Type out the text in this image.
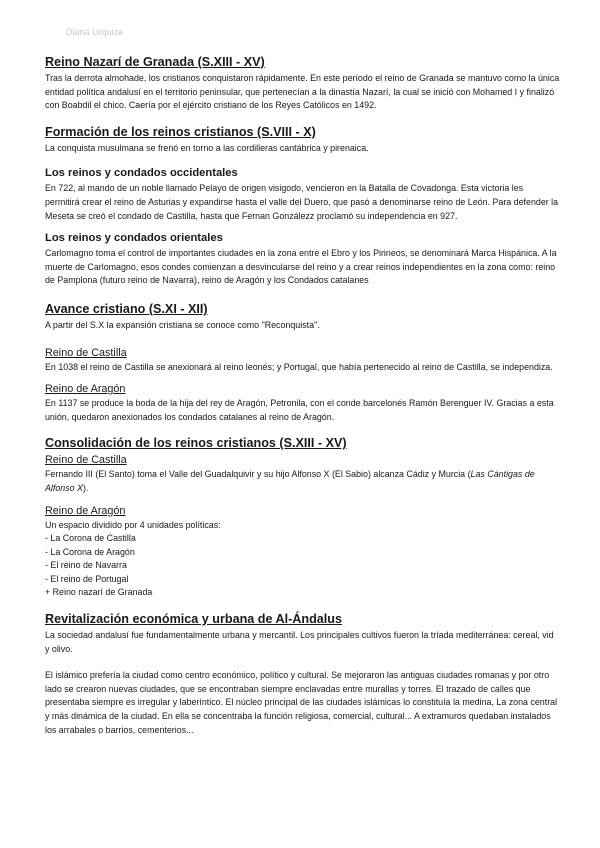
Diana Urquiza
Reino Nazarí de Granada (S.XIII - XV)

Tras la derrota almohade, los cristianos conquistaron rápidamente. En este período el reino de Granada se mantuvo como la única entidad política andalusí en el territorio peninsular, que pertenecían a la dinastía Nazarí, la cual se inició con Mohamed I y finalizó con Boabdil el chico. Caería por el ejército cristiano de los Reyes Católicos en 1492.

Formación de los reinos cristianos (S.VIII - X)

La conquista musulmana se frenó en torno a las cordilleras cantábrica y pirenaica.

Los reinos y condados occidentales

En 722, al mando de un noble llamado Pelayo de origen visigodo, vencieron en la Batalla de Covadonga. Esta victoria les permitirá crear el reino de Asturias y expandirse hasta el valle del Duero, que pasó a denominarse reino de León. Para defender la Meseta se creó el condado de Castilla, hasta que Fernan Gonzálezz proclamó su independencia en 927.

Los reinos y condados orientales

Carlomagno toma el control de importantes ciudades en la zona entre el Ebro y los Pirineos, se denominará Marca Hispánica. A la muerte de Carlomagno, esos condes comienzan a desvincularse del reino y a crear reinos independientes en la zona como: reino de Pamplona (futuro reino de Navarra), reino de Aragón y los Condados catalanes

Avance cristiano (S.XI - XII)

A partir del S.X la expansión cristiana se conoce como "Reconquista".

Reino de Castilla

En 1038 el reino de Castilla se anexionará al reino leonés; y Portugal, que había pertenecido al reino de Castilla, se independiza.

Reino de Aragón

En 1137 se produce la boda de la hija del rey de Aragón, Petronila, con el conde barcelonés Ramón Berenguer IV. Gracias a esta unión, quedaron anexionados los condados catalanes al reino de Aragón.

Consolidación de los reinos cristianos (S.XIII - XV)
Reino de Castilla

Fernando III (El Santo) toma el Valle del Guadalquivir y su hijo Alfonso X (El Sabio) alcanza Cádiz y Murcia (Las Cántigas de Alfonso X).

Reino de Aragón
Un espacio dividido por 4 unidades políticas:
- La Corona de Castilla
- La Corona de Aragón
- El reino de Navarra
- El reino de Portugal
+ Reino nazarí de Granada
Revitalización económica y urbana de Al-Ándalus

La sociedad andalusí fue fundamentalmente urbana y mercantil. Los principales cultivos fueron la tríada mediterránea: cereal, vid y olivo.

El islámico prefería la ciudad como centro económico, político y cultural. Se mejoraron las antiguas ciudades romanas y por otro lado se crearon nuevas ciudades, que se encontraban siempre enclavadas entre murallas y torres. El trazado de calles que presentaba siempre es irregular y laberíntico. El núcleo principal de las ciudades islámicas lo constituía la medina, La zona central y más dinámica de la ciudad. En ella se concentraba la función religiosa, comercial, cultural... A extramuros quedaban instalados los arrabales o barrios, cementerios...
